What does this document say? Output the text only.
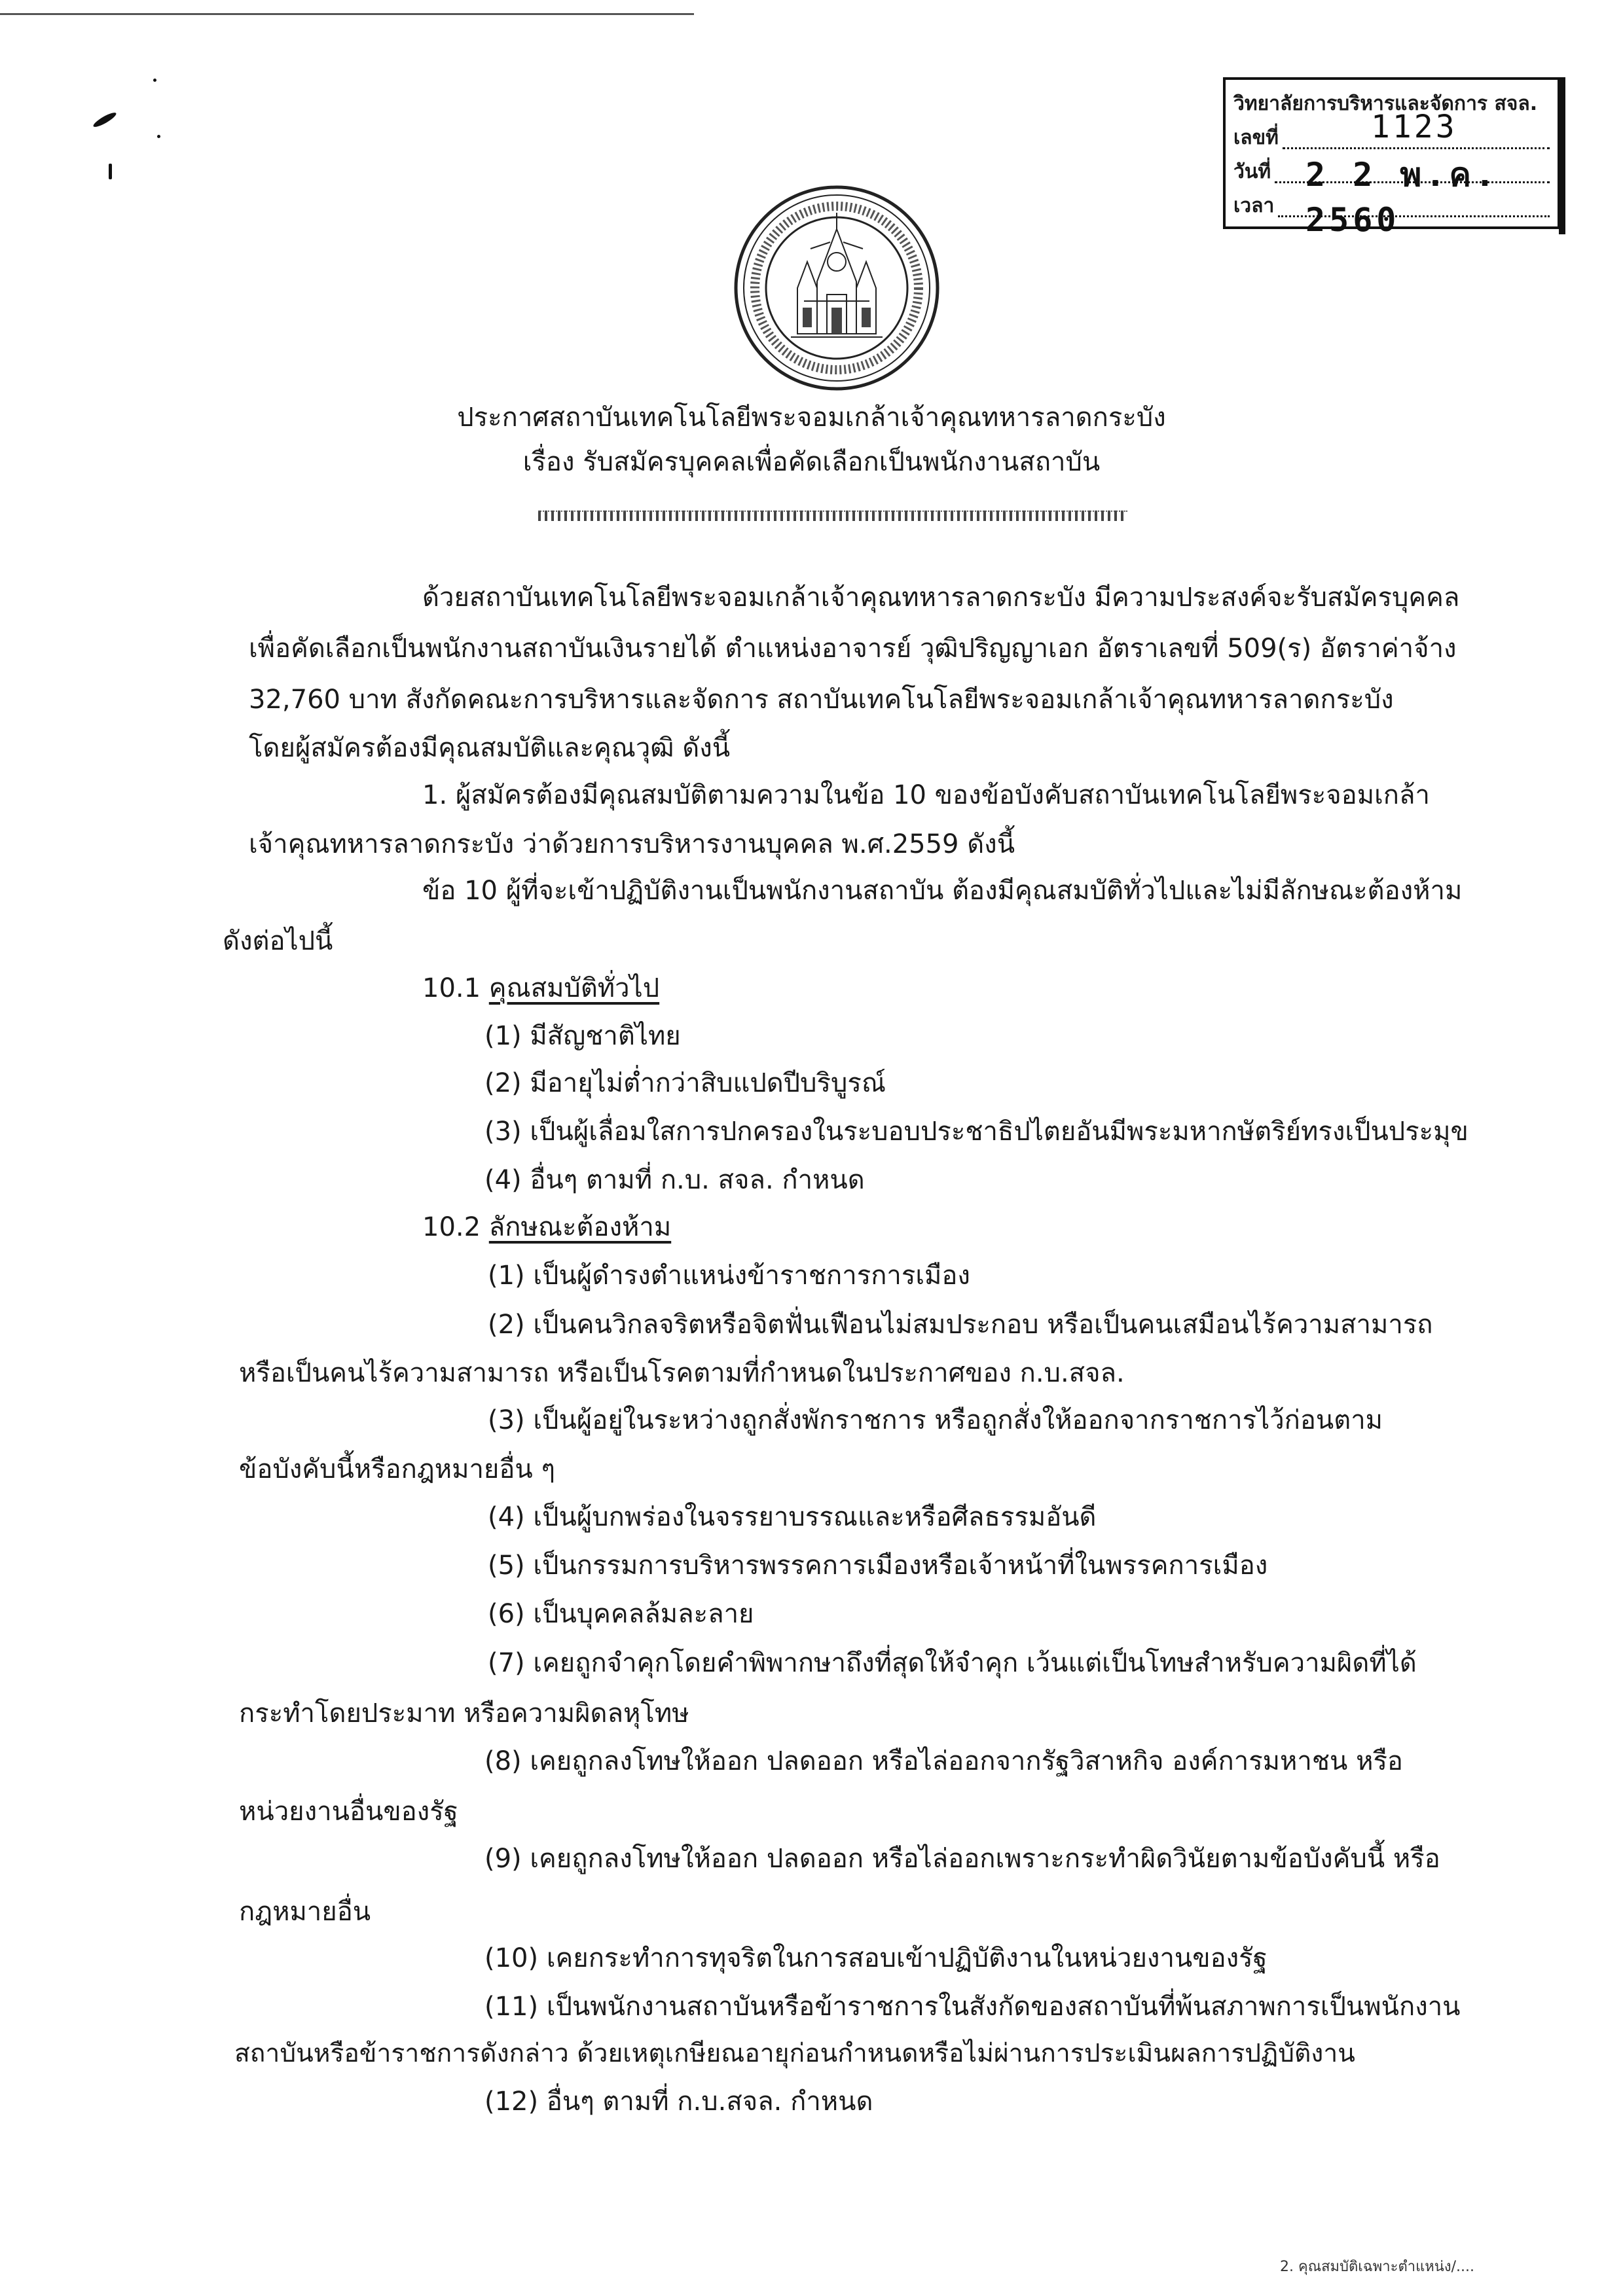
วิทยาลัยการบริหารและจัดการ สจล.
เลขที่	1123
วันที่ 2 2 พ.ค. 2560
เวลา
ประกาศสถาบันเทคโนโลยีพระจอมเกล้าเจ้าคุณทหารลาดกระบัง
เรื่อง รับสมัครบุคคลเพื่อคัดเลือกเป็นพนักงานสถาบัน
ด้วยสถาบันเทคโนโลยีพระจอมเกล้าเจ้าคุณทหารลาดกระบัง มีความประสงค์จะรับสมัครบุคคล
เพื่อคัดเลือกเป็นพนักงานสถาบันเงินรายได้ ตำแหน่งอาจารย์ วุฒิปริญญาเอก อัตราเลขที่ 509(ร) อัตราค่าจ้าง
32,760 บาท สังกัดคณะการบริหารและจัดการ สถาบันเทคโนโลยีพระจอมเกล้าเจ้าคุณทหารลาดกระบัง
โดยผู้สมัครต้องมีคุณสมบัติและคุณวุฒิ ดังนี้
1. ผู้สมัครต้องมีคุณสมบัติตามความในข้อ 10 ของข้อบังคับสถาบันเทคโนโลยีพระจอมเกล้า
เจ้าคุณทหารลาดกระบัง ว่าด้วยการบริหารงานบุคคล พ.ศ.2559 ดังนี้
ข้อ 10 ผู้ที่จะเข้าปฏิบัติงานเป็นพนักงานสถาบัน ต้องมีคุณสมบัติทั่วไปและไม่มีลักษณะต้องห้าม
ดังต่อไปนี้
10.1 คุณสมบัติทั่วไป
(1) มีสัญชาติไทย
(2) มีอายุไม่ต่ำกว่าสิบแปดปีบริบูรณ์
(3) เป็นผู้เลื่อมใสการปกครองในระบอบประชาธิปไตยอันมีพระมหากษัตริย์ทรงเป็นประมุข
(4) อื่นๆ ตามที่ ก.บ. สจล. กำหนด
10.2 ลักษณะต้องห้าม
(1) เป็นผู้ดำรงตำแหน่งข้าราชการการเมือง
(2) เป็นคนวิกลจริตหรือจิตฟั่นเฟือนไม่สมประกอบ หรือเป็นคนเสมือนไร้ความสามารถ
หรือเป็นคนไร้ความสามารถ หรือเป็นโรคตามที่กำหนดในประกาศของ ก.บ.สจล.
(3) เป็นผู้อยู่ในระหว่างถูกสั่งพักราชการ หรือถูกสั่งให้ออกจากราชการไว้ก่อนตาม
ข้อบังคับนี้หรือกฎหมายอื่น ๆ
(4) เป็นผู้บกพร่องในจรรยาบรรณและหรือศีลธรรมอันดี
(5) เป็นกรรมการบริหารพรรคการเมืองหรือเจ้าหน้าที่ในพรรคการเมือง
(6) เป็นบุคคลล้มละลาย
(7) เคยถูกจำคุกโดยคำพิพากษาถึงที่สุดให้จำคุก เว้นแต่เป็นโทษสำหรับความผิดที่ได้
กระทำโดยประมาท หรือความผิดลหุโทษ
(8) เคยถูกลงโทษให้ออก ปลดออก หรือไล่ออกจากรัฐวิสาหกิจ องค์การมหาชน หรือ
หน่วยงานอื่นของรัฐ
(9) เคยถูกลงโทษให้ออก ปลดออก หรือไล่ออกเพราะกระทำผิดวินัยตามข้อบังคับนี้ หรือ
กฎหมายอื่น
(10) เคยกระทำการทุจริตในการสอบเข้าปฏิบัติงานในหน่วยงานของรัฐ
(11) เป็นพนักงานสถาบันหรือข้าราชการในสังกัดของสถาบันที่พ้นสภาพการเป็นพนักงาน
สถาบันหรือข้าราชการดังกล่าว ด้วยเหตุเกษียณอายุก่อนกำหนดหรือไม่ผ่านการประเมินผลการปฏิบัติงาน
(12) อื่นๆ ตามที่ ก.บ.สจล. กำหนด
2. คุณสมบัติเฉพาะตำแหน่ง/....
